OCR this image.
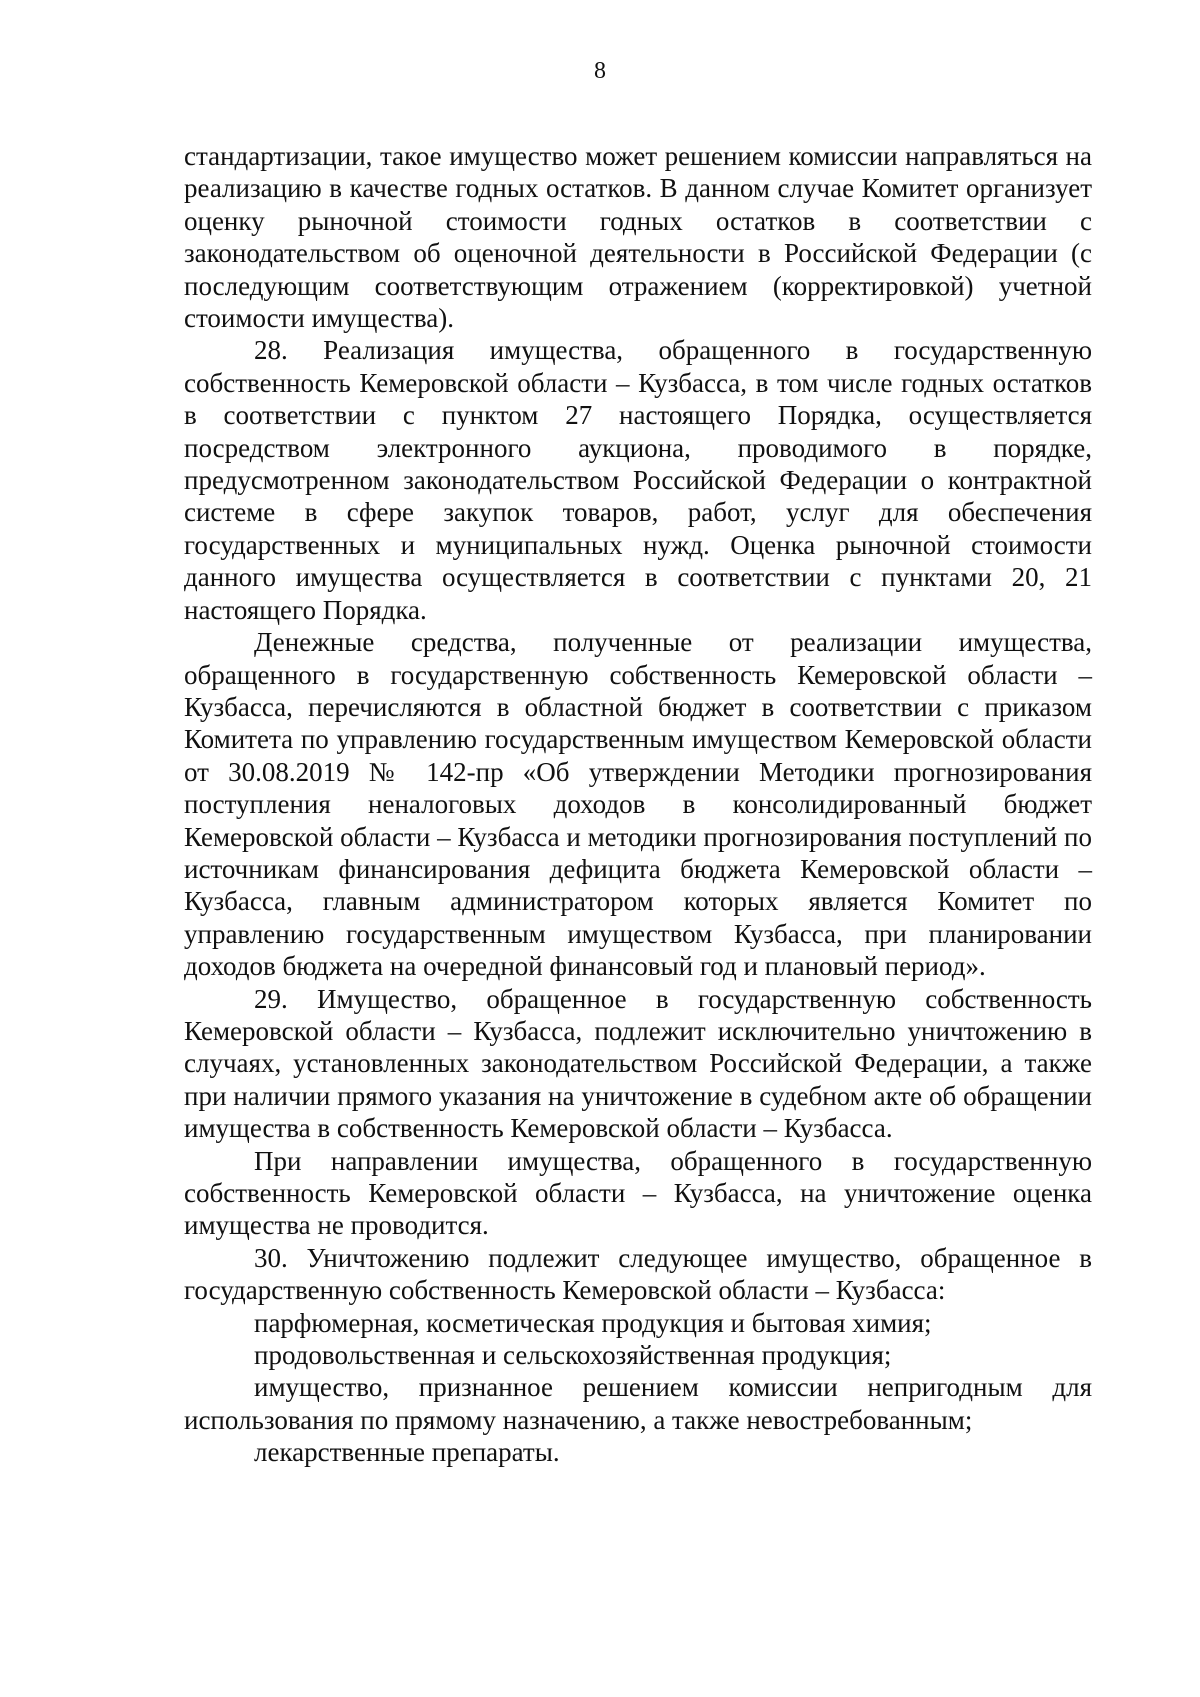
8

стандартизации, такое имущество может решением комиссии направляться на реализацию в качестве годных остатков. В данном случае Комитет организует оценку рыночной стоимости годных остатков в соответствии с законодательством об оценочной деятельности в Российской Федерации (с последующим соответствующим отражением (корректировкой) учетной стоимости имущества).

28. Реализация имущества, обращенного в государственную собственность Кемеровской области – Кузбасса, в том числе годных остатков в соответствии с пунктом 27 настоящего Порядка, осуществляется посредством электронного аукциона, проводимого в порядке, предусмотренном законодательством Российской Федерации о контрактной системе в сфере закупок товаров, работ, услуг для обеспечения государственных и муниципальных нужд. Оценка рыночной стоимости данного имущества осуществляется в соответствии с пунктами 20, 21 настоящего Порядка.

Денежные средства, полученные от реализации имущества, обращенного в государственную собственность Кемеровской области – Кузбасса, перечисляются в областной бюджет в соответствии с приказом Комитета по управлению государственным имуществом Кемеровской области от 30.08.2019 № 142-пр «Об утверждении Методики прогнозирования поступления неналоговых доходов в консолидированный бюджет Кемеровской области – Кузбасса и методики прогнозирования поступлений по источникам финансирования дефицита бюджета Кемеровской области – Кузбасса, главным администратором которых является Комитет по управлению государственным имуществом Кузбасса, при планировании доходов бюджета на очередной финансовый год и плановый период».

29. Имущество, обращенное в государственную собственность Кемеровской области – Кузбасса, подлежит исключительно уничтожению в случаях, установленных законодательством Российской Федерации, а также при наличии прямого указания на уничтожение в судебном акте об обращении имущества в собственность Кемеровской области – Кузбасса.

При направлении имущества, обращенного в государственную собственность Кемеровской области – Кузбасса, на уничтожение оценка имущества не проводится.

30. Уничтожению подлежит следующее имущество, обращенное в государственную собственность Кемеровской области – Кузбасса:

парфюмерная, косметическая продукция и бытовая химия;

продовольственная и сельскохозяйственная продукция;

имущество, признанное решением комиссии непригодным для использования по прямому назначению, а также невостребованным;

лекарственные препараты.
